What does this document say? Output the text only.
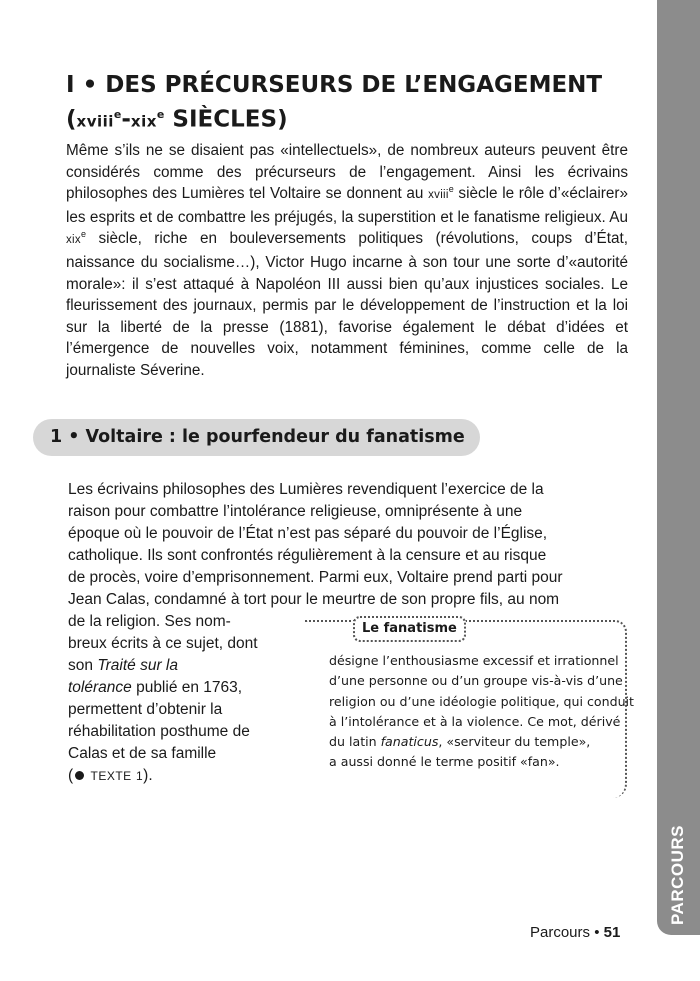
PARCOURS
I • DES PRÉCURSEURS DE L’ENGAGEMENT
(xviii$^e$-xix$^e$ SIÈCLES)

Même s’ils ne se disaient pas «intellectuels», de nombreux auteurs peuvent être considérés comme des précurseurs de l’engagement. Ainsi les écrivains philosophes des Lumières tel Voltaire se donnent au xviii$^e$ siècle le rôle d’«éclairer» les esprits et de combattre les préjugés, la superstition et le fanatisme religieux. Au xix$^e$ siècle, riche en bouleversements politiques (révolutions, coups d’État, naissance du socialisme…), Victor Hugo incarne à son tour une sorte d’«autorité morale»: il s’est attaqué à Napoléon III aussi bien qu’aux injustices sociales. Le fleurissement des journaux, permis par le développement de l’instruction et la loi sur la liberté de la presse (1881), favorise également le débat d’idées et l’émergence de nouvelles voix, notamment féminines, comme celle de la journaliste Séverine.

1 • Voltaire : le pourfendeur du fanatisme
Les écrivains philosophes des Lumières revendiquent l’exercice de la
raison pour combattre l’intolérance religieuse, omniprésente à une
époque où le pouvoir de l’État n’est pas séparé du pouvoir de l’Église,
catholique. Ils sont confrontés régulièrement à la censure et au risque
de procès, voire d’emprisonnement. Parmi eux, Voltaire prend parti pour
Jean Calas, condamné à tort pour le meurtre de son propre fils, au nom
de la religion. Ses nom-
breux écrits à ce sujet, dont
son Traité sur la
tolérance publié en 1763,
permettent d’obtenir la
réhabilitation posthume de
Calas et de sa famille
( TEXTE 1).
Le fanatisme
désigne l’enthousiasme excessif et irrationnel
d’une personne ou d’un groupe vis-à-vis d’une
religion ou d’une idéologie politique, qui conduit
à l’intolérance et à la violence. Ce mot, dérivé
du latin fanaticus, «serviteur du temple»,
a aussi donné le terme positif «fan».
Parcours • 51
